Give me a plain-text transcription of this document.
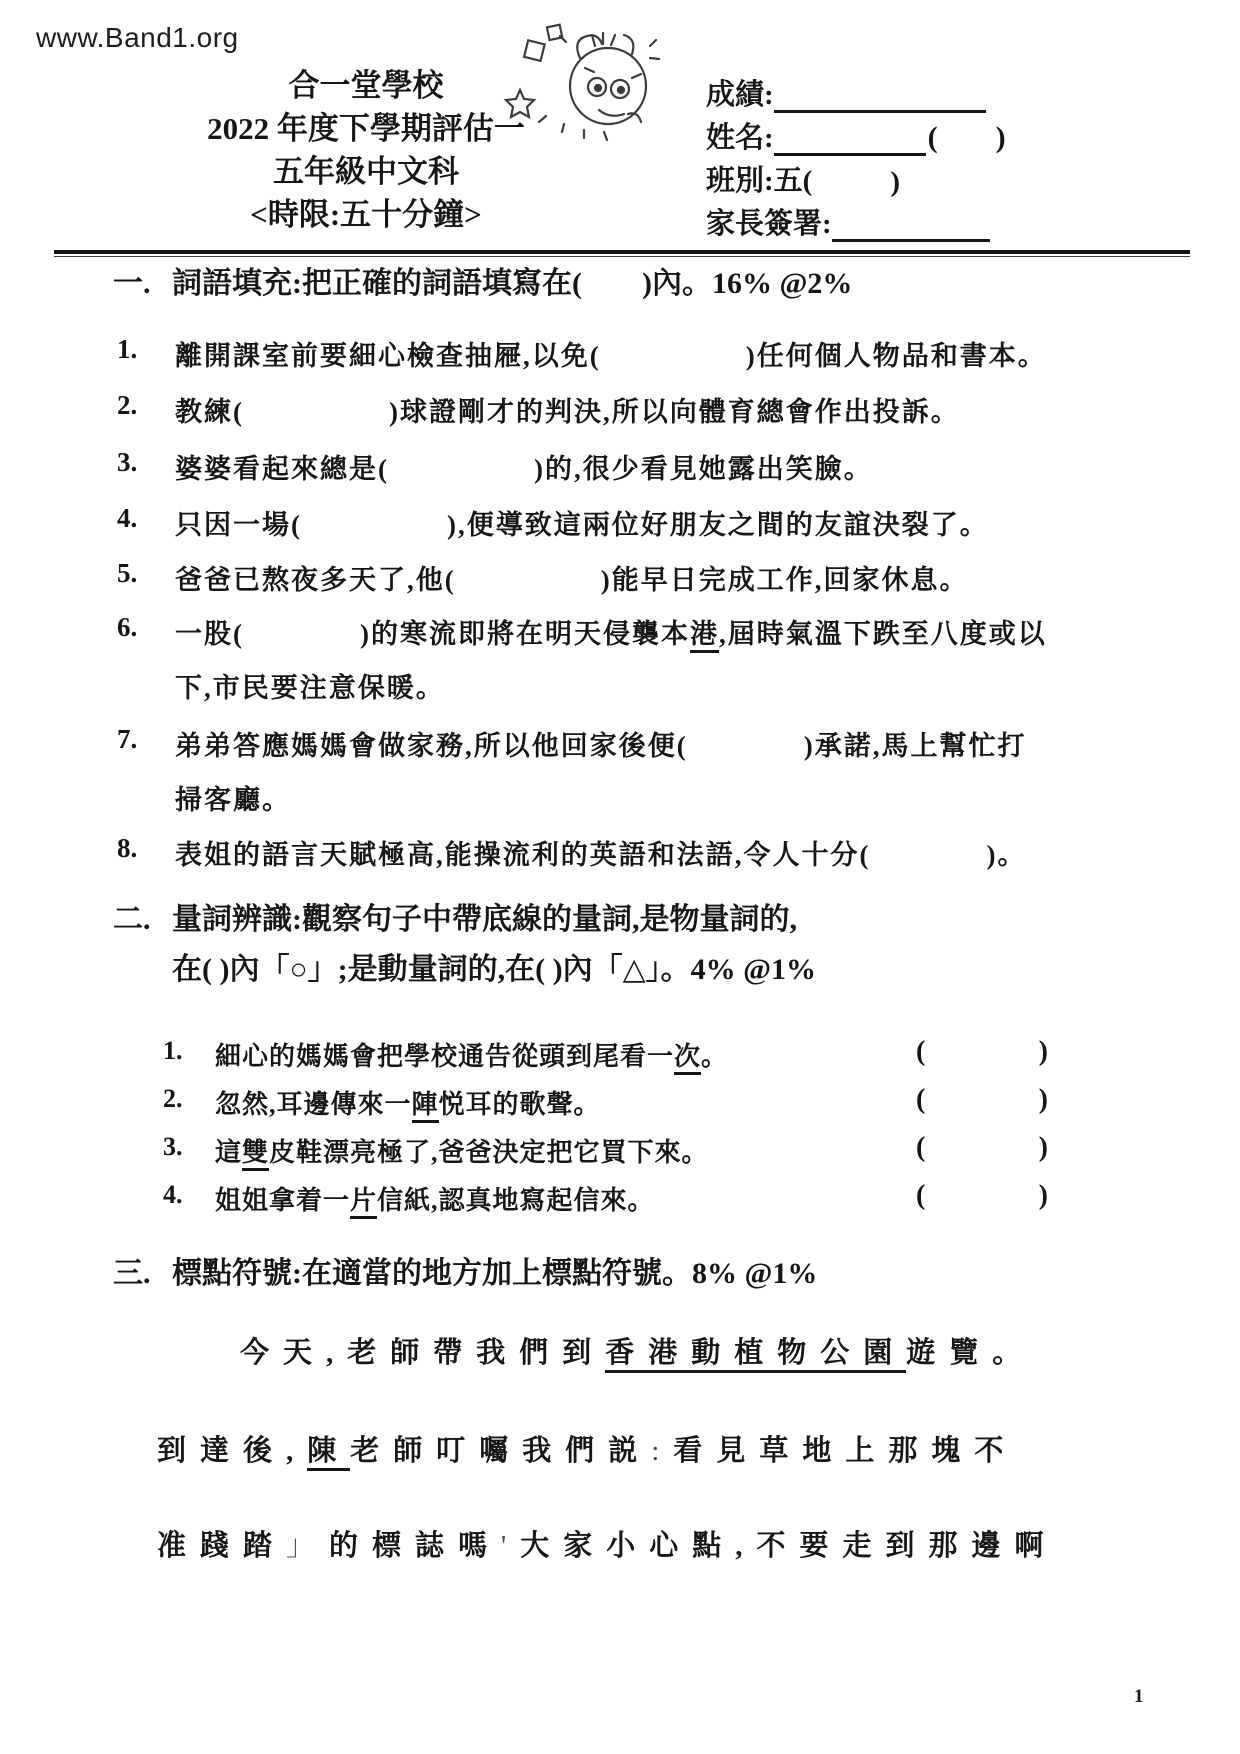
www.Band1.org
合一堂學校
2022 年度下學期評估一
五年級中文科
<時限:五十分鐘>
成績:
姓名:	(　)
班別:五(	)
家長簽署:
一. 詞語填充:把正確的詞語填寫在(　　)內。16% @2%
1.	離開課室前要細心檢查抽屜,以免(　　　　　)任何個人物品和書本。
2.	教練(　　　　　)球證剛才的判決,所以向體育總會作出投訴。
3.	婆婆看起來總是(　　　　　)的,很少看見她露出笑臉。
4.	只因一場(　　　　　),便導致這兩位好朋友之間的友誼決裂了。
5.	爸爸已熬夜多天了,他(　　　　　)能早日完成工作,回家休息。
6.	一股(　　　　)的寒流即將在明天侵襲本港,屆時氣溫下跌至八度或以
下,市民要注意保暖。
7.	弟弟答應媽媽會做家務,所以他回家後便(　　　　)承諾,馬上幫忙打
掃客廳。
8.	表姐的語言天賦極高,能操流利的英語和法語,令人十分(　　　　)。
二. 量詞辨識:觀察句子中帶底線的量詞,是物量詞的,
在( )內「○」;是動量詞的,在( )內「△」。4% @1%
1.	細心的媽媽會把學校通告從頭到尾看一次。	(	)
2.	忽然,耳邊傳來一陣悦耳的歌聲。	(	)
3.	這雙皮鞋漂亮極了,爸爸決定把它買下來。	(	)
4.	姐姐拿着一片信紙,認真地寫起信來。	(	)
三. 標點符號:在適當的地方加上標點符號。8% @1%
今天,老師帶我們到香港動植物公園遊覽。
到達後,陳老師叮囑我們説:看見草地上那塊不
准踐踏」的標誌嗎'大家小心點,不要走到那邊啊
1
